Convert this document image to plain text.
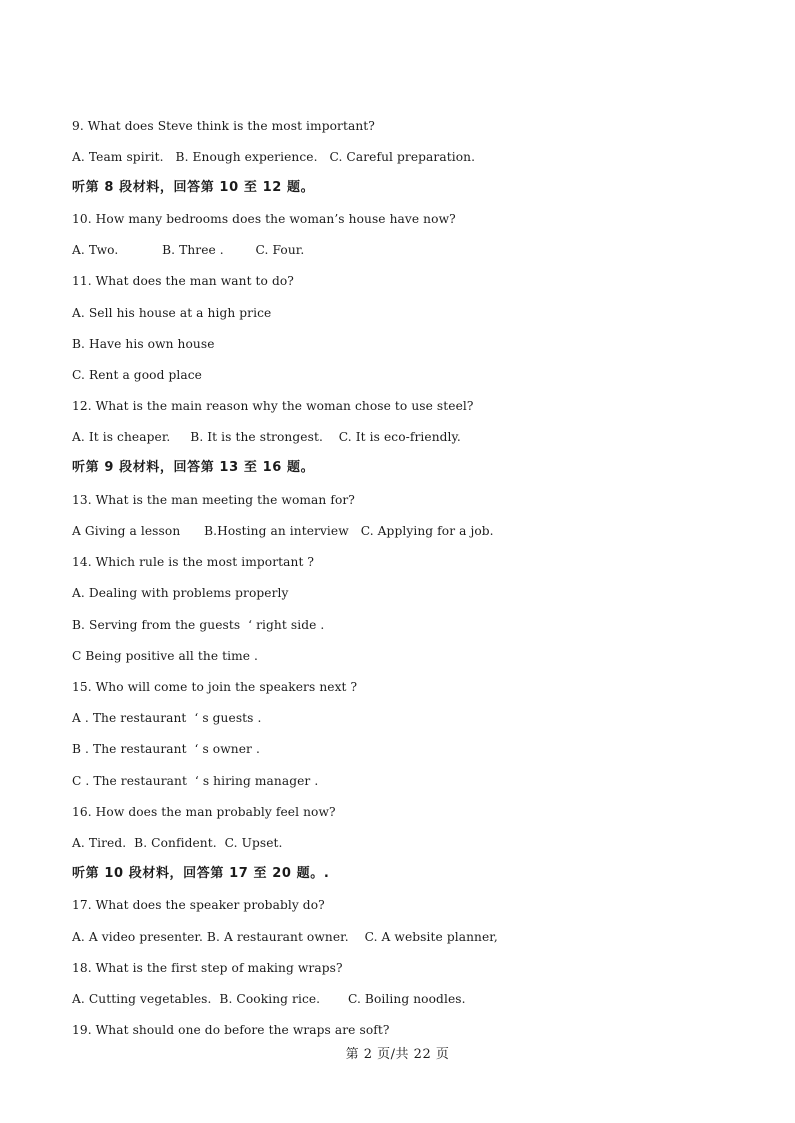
9. What does Steve think is the most important?
A. Team spirit.   B. Enough experience.   C. Careful preparation.
听第 8 段材料，回答第 10 至 12 题。
10. How many bedrooms does the woman’s house have now?
A. Two.           B. Three .        C. Four.
11. What does the man want to do?
A. Sell his house at a high price
B. Have his own house
C. Rent a good place
12. What is the main reason why the woman chose to use steel?
A. It is cheaper.     B. It is the strongest.    C. It is eco-friendly.
听第 9 段材料，回答第 13 至 16 题。
13. What is the man meeting the woman for?
A Giving a lesson      B.Hosting an interview   C. Applying for a job.
14. Which rule is the most important ?
A. Dealing with problems properly
B. Serving from the guests  ‘ right side .
C Being positive all the time .
15. Who will come to join the speakers next ?
A . The restaurant  ‘ s guests .
B . The restaurant  ‘ s owner .
C . The restaurant  ‘ s hiring manager .
16. How does the man probably feel now?
A. Tired.  B. Confident.  C. Upset.
听第 10 段材料，回答第 17 至 20 题。.
17. What does the speaker probably do?
A. A video presenter. B. A restaurant owner.    C. A website planner,
18. What is the first step of making wraps?
A. Cutting vegetables.  B. Cooking rice.       C. Boiling noodles.
19. What should one do before the wraps are soft?
第 2 页/共 22 页
